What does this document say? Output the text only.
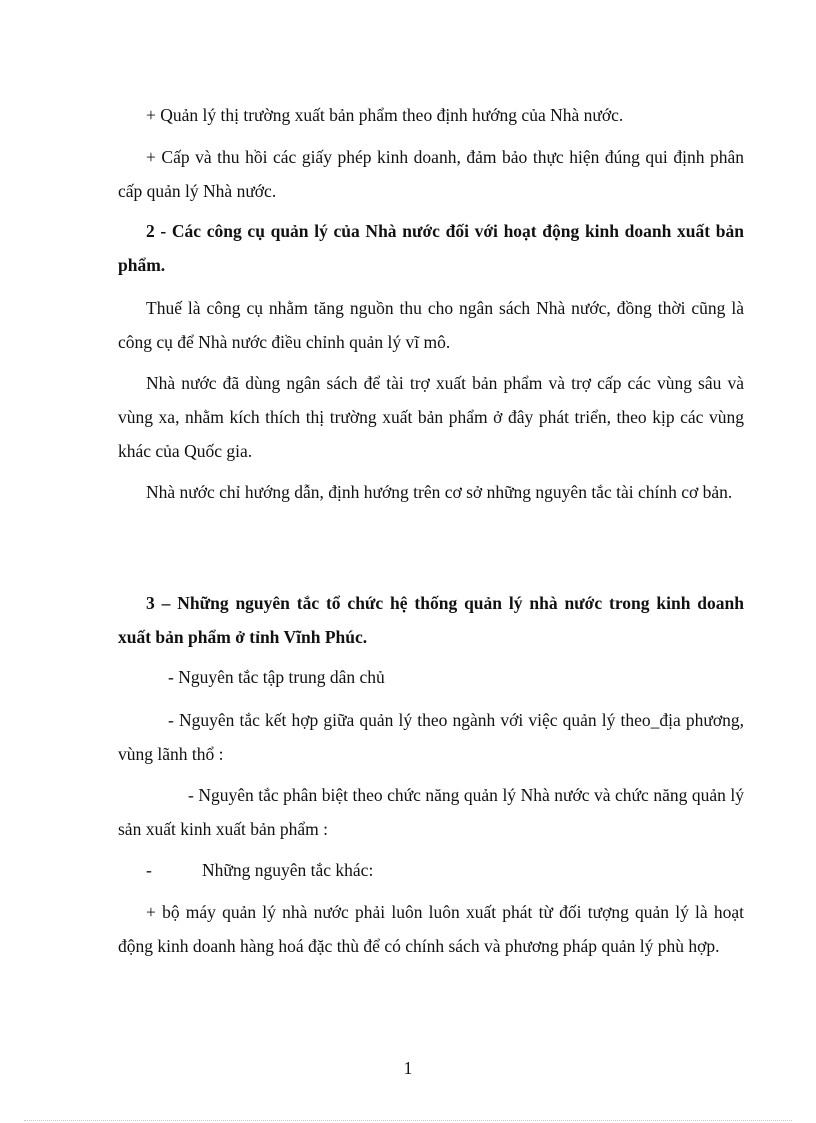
+ Quản lý thị trường xuất bản phẩm theo định hướng của Nhà nước.

+ Cấp và thu hồi các giấy phép kinh doanh, đảm bảo thực hiện đúng qui định phân cấp quản lý Nhà nước.

2 - Các công cụ quản lý của Nhà nước đối với hoạt động kinh doanh xuất bản phẩm.

Thuế là công cụ nhằm tăng nguồn thu cho ngân sách Nhà nước, đồng thời cũng là công cụ để Nhà nước điều chỉnh quản lý vĩ mô.

Nhà nước đã dùng ngân sách để tài trợ xuất bản phẩm và trợ cấp các vùng sâu và vùng xa, nhằm kích thích thị trường xuất bản phẩm ở đây phát triển, theo kịp các vùng khác của Quốc gia.

Nhà nước chỉ hướng dẫn, định hướng trên cơ sở những nguyên tắc tài chính cơ bản.

3 – Những nguyên tắc tổ chức hệ thống quản lý nhà nước trong kinh doanh xuất bản phẩm ở tỉnh Vĩnh Phúc.

- Nguyên tắc tập trung dân chủ

- Nguyên tắc kết hợp giữa quản lý theo ngành với việc quản lý theo_địa phương, vùng lãnh thổ :

- Nguyên tắc phân biệt theo chức năng quản lý Nhà nước và chức năng quản lý sản xuất kinh xuất bản phẩm :

-	Những nguyên tắc khác:

+ bộ máy quản lý nhà nước phải luôn luôn xuất phát từ đối tượng quản lý là hoạt động kinh doanh hàng hoá đặc thù để có chính sách và phương pháp quản lý phù hợp.

1
